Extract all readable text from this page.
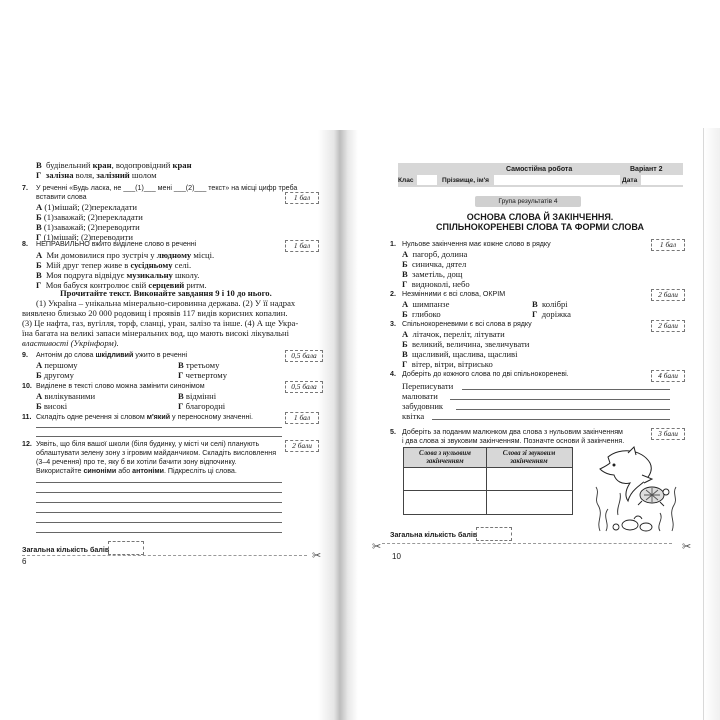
В будівельний кран, водопровідний кран
Г залізна воля, залізний шолом
7. У реченні «Будь ласка, не ___(1)___ мені ___(2)___ текст» на місці цифр треба
вставити слова	1 бал
А (1)мішай; (2)перекладати
Б (1)заважай; (2)перекладати
В (1)заважай; (2)переводити
Г (1)мішай; (2)переводити
8. НЕПРАВИЛЬНО вжито виділене слово в реченні	1 бал
А Ми домовилися про зустріч у людному місці.
Б Мій друг тепер живе в сусідньому селі.
В Моя подруга відвідує музикальну школу.
Г Моя бабуся контролює свій серцевий ритм.
Прочитайте текст. Виконайте завдання 9 і 10 до нього.
(1) Україна – унікальна мінерально-сировинна держава. (2) У її надрах
виявлено близько 20 000 родовищ і проявів 117 видів корисних копалин.
(3) Це нафта, газ, вугілля, торф, сланці, уран, залізо та інше. (4) А ще Укра-
їна багата на великі запаси мінеральних вод, що мають високі лікувальні
властивості (Укрінформ).
9. Антонім до слова шкідливий ужито в реченні	0,5 бала
А першому
Б другому
В третьому
Г четвертому
10. Виділене в тексті слово можна замінити синонімом	0,5 бала
А вилікуваними
Б високі
В відмінні
Г благородні
11. Складіть одне речення зі словом м'який у переносному значенні.	1 бал
12. Уявіть, що біля вашої школи (біля будинку, у місті чи селі) планують
облаштувати зелену зону з ігровим майданчиком. Складіть висловлення
(3–4 речення) про те, яку б ви хотіли бачити зону відпочинку.
Використайте синоніми або антоніми. Підкресліть ці слова.
2 бали
Загальна кількість балів	✂
6
Самостійна робота	Варіант 2
Клас	Прізвище, ім'я	Дата
Група результатів 4
ОСНОВА СЛОВА Й ЗАКІНЧЕННЯ.
СПІЛЬНОКОРЕНЕВІ СЛОВА ТА ФОРМИ СЛОВА
1. Нульове закінчення має кожне слово в рядку	1 бал
А пагорб, долина
Б синичка, дятел
В заметіль, дощ
Г видноколі, небо
2. Незмінними є всі слова, ОКРІМ	2 бали
А шимпанзе
Б глибоко
В колібрі
Г доріжка
3. Спільнокореневими є всі слова в рядку	2 бали
А літачок, переліт, літувати
Б великий, величина, звеличувати
В щасливий, щаслива, щасливі
Г вітер, вітри, вітрисько
4. Доберіть до кожного слова по дві спільнокореневі.	4 бали
Переписувати
малювати
забудовник
квітка
5. Доберіть за поданим малюнком два слова з нульовим закінченням
і два слова зі звуковим закінченням. Позначте основи й закінчення.
3 бали
Слова з нульовим
закінченням
Слова зі звуковим
закінченням
Загальна кількість балів
✂	✂
10
